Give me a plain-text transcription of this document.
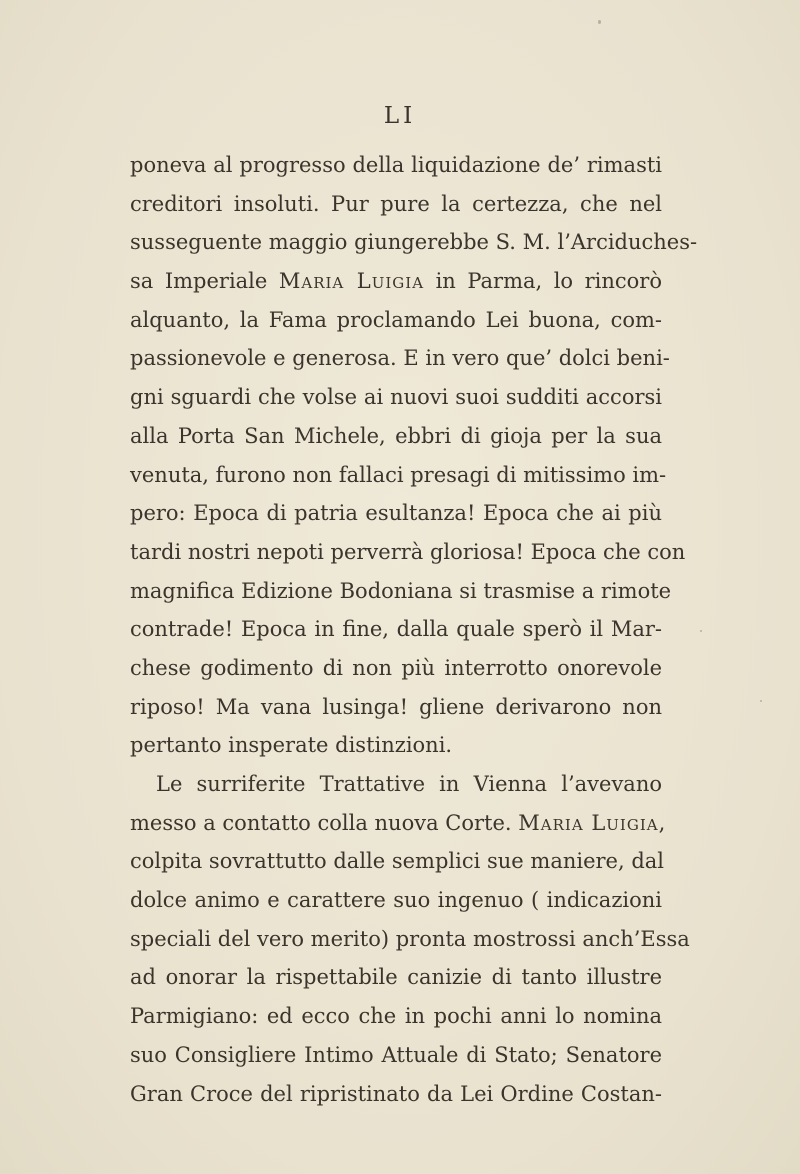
LI
poneva al progresso della liquidazione de’ rimasti
creditori insoluti. Pur pure la certezza, che nel
susseguente maggio giungerebbe S. M. l’Arciduches-
sa Imperiale Maria Luigia in Parma, lo rincorò
alquanto, la Fama proclamando Lei buona, com-
passionevole e generosa. E in vero que’ dolci beni-
gni sguardi che volse ai nuovi suoi sudditi accorsi
alla Porta San Michele, ebbri di gioja per la sua
venuta, furono non fallaci presagi di mitissimo im-
pero: Epoca di patria esultanza! Epoca che ai più
tardi nostri nepoti perverrà gloriosa! Epoca che con
magnifica Edizione Bodoniana si trasmise a rimote
contrade! Epoca in fine, dalla quale sperò il Mar-
chese godimento di non più interrotto onorevole
riposo! Ma vana lusinga! gliene derivarono non
pertanto insperate distinzioni.
Le surriferite Trattative in Vienna l’avevano
messo a contatto colla nuova Corte. Maria Luigia,
colpita sovrattutto dalle semplici sue maniere, dal
dolce animo e carattere suo ingenuo ( indicazioni
speciali del vero merito) pronta mostrossi anch’Essa
ad onorar la rispettabile canizie di tanto illustre
Parmigiano: ed ecco che in pochi anni lo nomina
suo Consigliere Intimo Attuale di Stato; Senatore
Gran Croce del ripristinato da Lei Ordine Costan-
